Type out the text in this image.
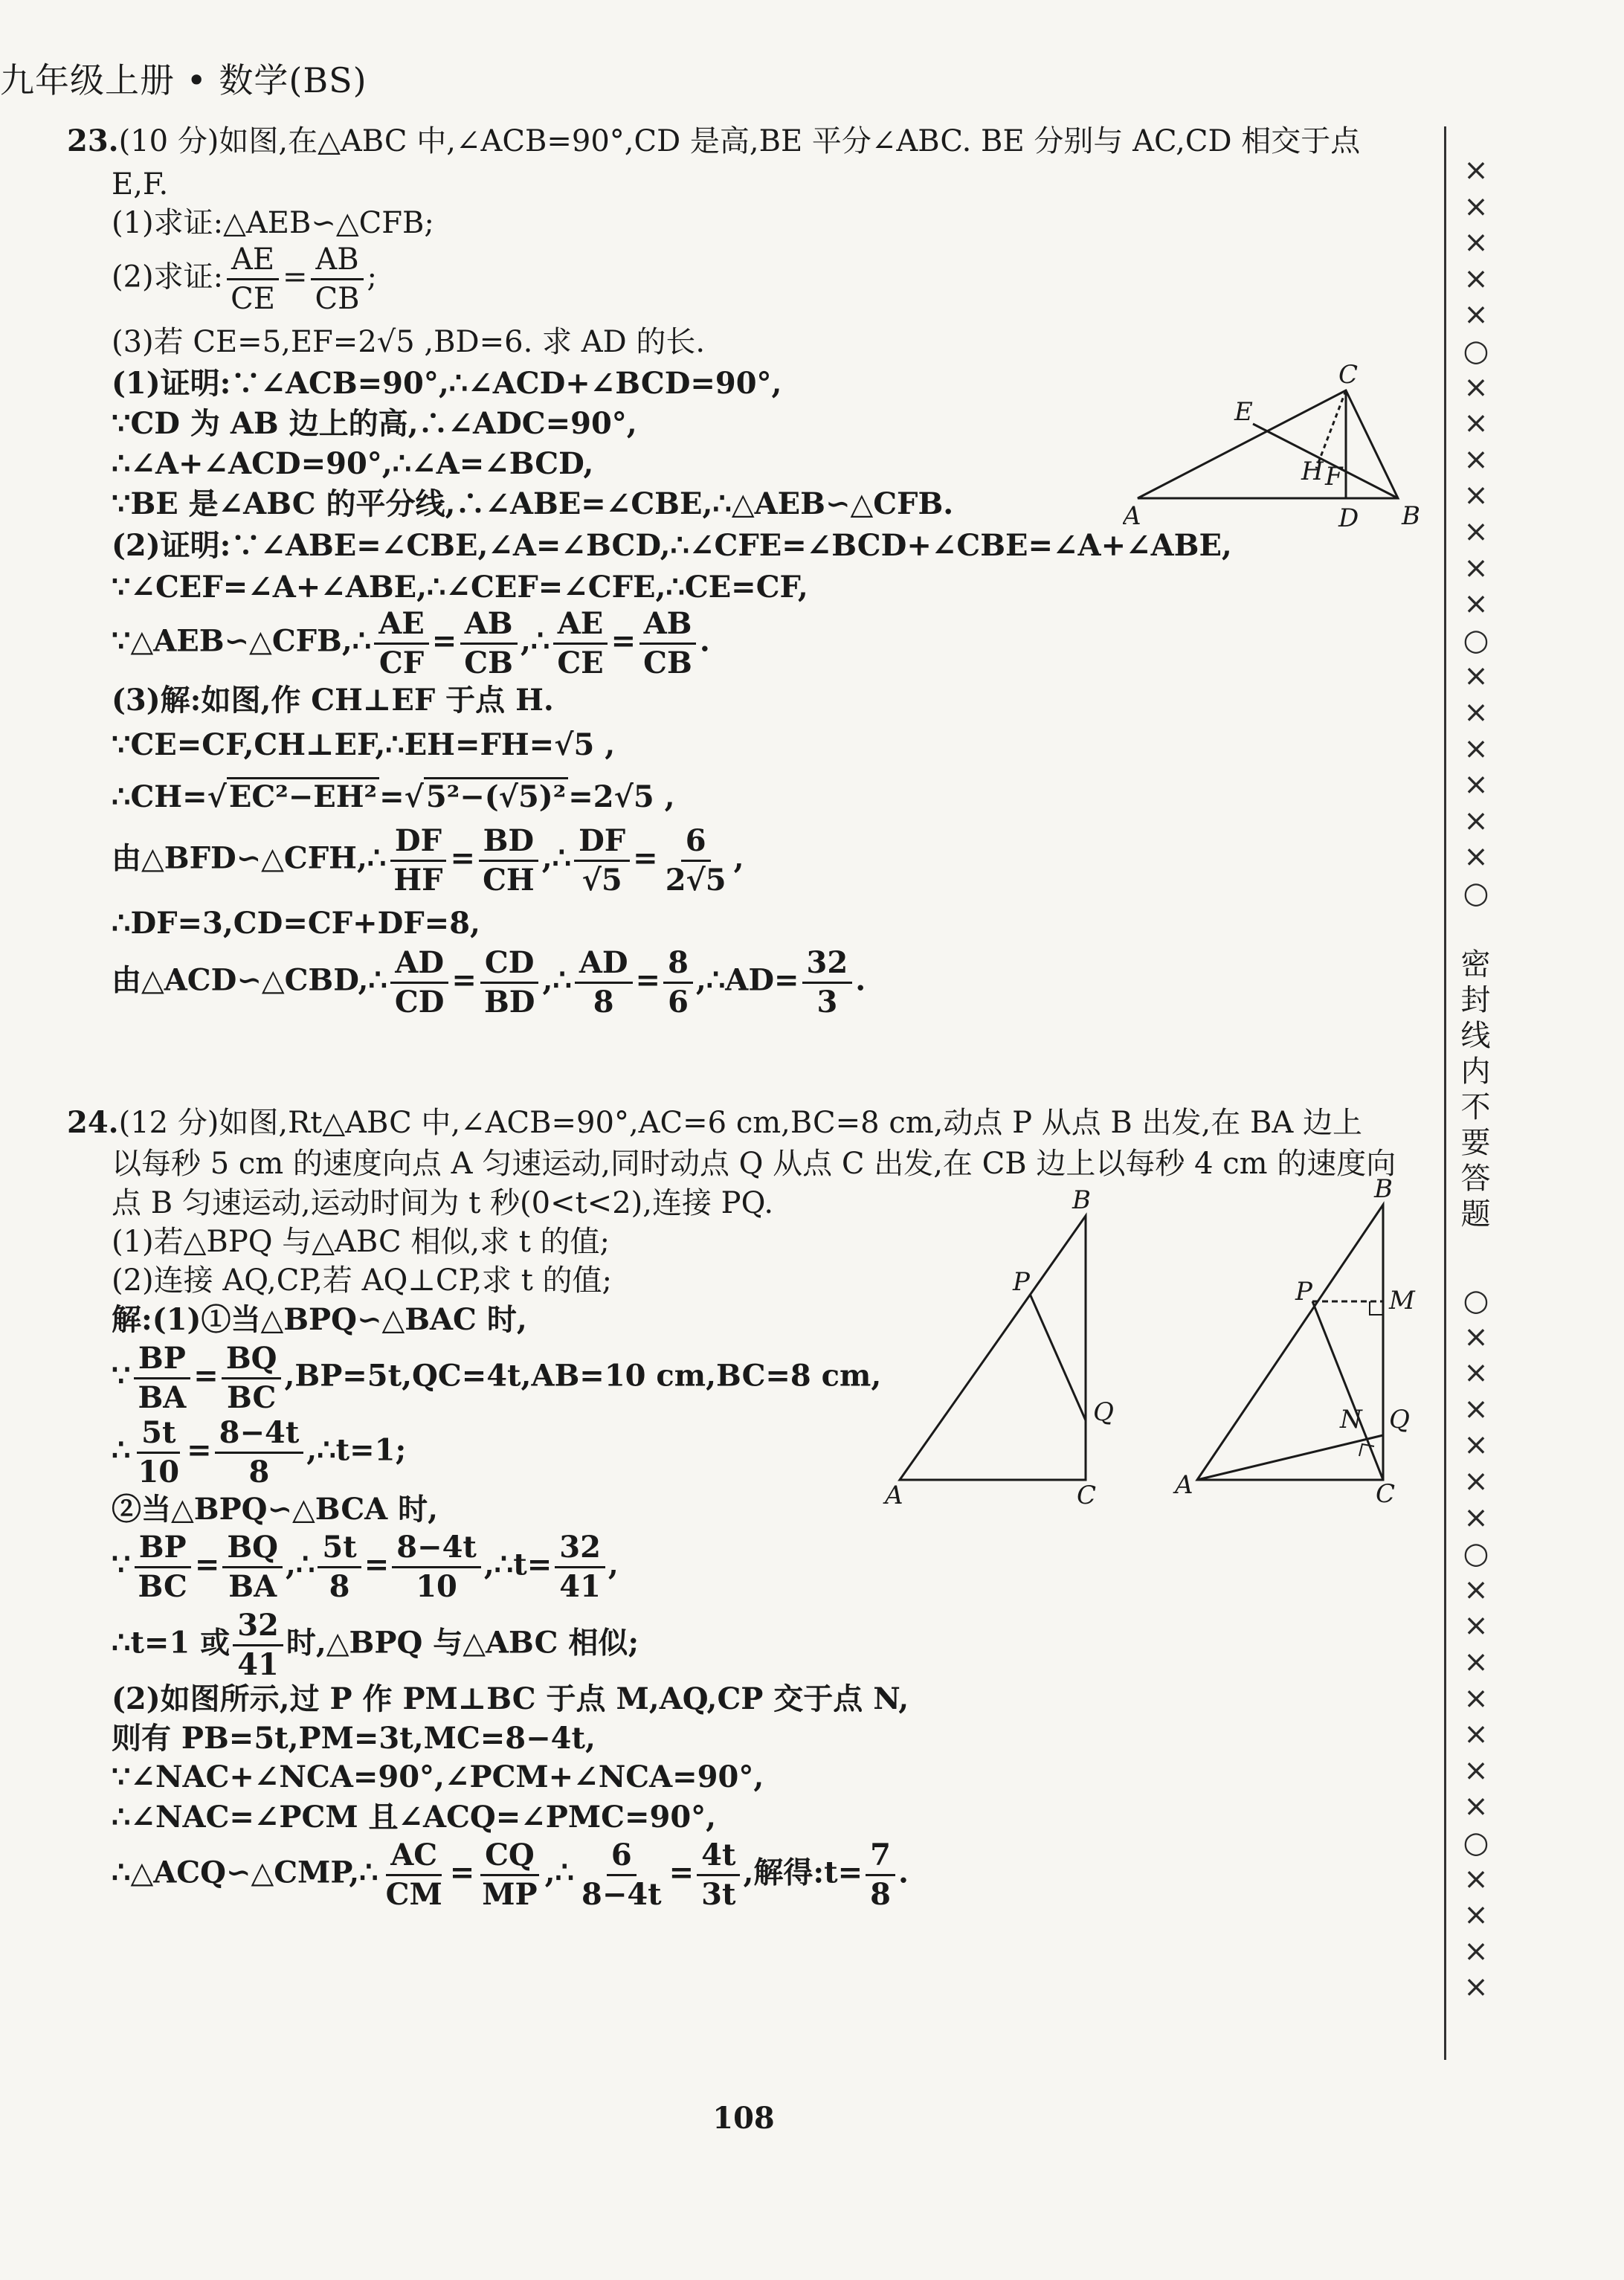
九年级上册 • 数学(BS)
23.(10 分)如图,在△ABC 中,∠ACB=90°,CD 是高,BE 平分∠ABC. BE 分别与 AC,CD 相交于点
E,F.
(1)求证:△AEB∽△CFB;
(2)求证: $\frac{AE}{CE} = \frac{AB}{CB}$ ;
(3)若 CE=5,EF=2√5 ,BD=6. 求 AD 的长.
(1)证明:∵∠ACB=90°,∴∠ACD+∠BCD=90°,
∵CD 为 AB 边上的高,∴∠ADC=90°,
∴∠A+∠ACD=90°,∴∠A=∠BCD,
∵BE 是∠ABC 的平分线,∴∠ABE=∠CBE,∴△AEB∽△CFB.
(2)证明:∵∠ABE=∠CBE,∠A=∠BCD,∴∠CFE=∠BCD+∠CBE=∠A+∠ABE,
∵∠CEF=∠A+∠ABE,∴∠CEF=∠CFE,∴CE=CF,
∵△AEB∽△CFB,∴ $\frac{AE}{CF} = \frac{AB}{CB}$ ,∴ $\frac{AE}{CE} = \frac{AB}{CB}$ .
(3)解:如图,作 CH⊥EF 于点 H.
∵CE=CF,CH⊥EF,∴EH=FH=√5 ,
∴CH=√EC²−EH²=√5²−(√5)²=2√5 ,
由△BFD∽△CFH,∴ $\frac{DF}{HF} = \frac{BD}{CH}$ ,∴ $\frac{DF}{√5} = \frac{6}{2√5}$ ,
∴DF=3,CD=CF+DF=8,
由△ACD∽△CBD,∴ $\frac{AD}{CD} = \frac{CD}{BD}$ ,∴ $\frac{AD}{8} = \frac{8}{6}$ ,∴AD= $\frac{32}{3}$ .
A	B
C
D
E
F
H
24.(12 分)如图,Rt△ABC 中,∠ACB=90°,AC=6 cm,BC=8 cm,动点 P 从点 B 出发,在 BA 边上
以每秒 5 cm 的速度向点 A 匀速运动,同时动点 Q 从点 C 出发,在 CB 边上以每秒 4 cm 的速度向
点 B 匀速运动,运动时间为 t 秒(0<t<2),连接 PQ.
(1)若△BPQ 与△ABC 相似,求 t 的值;
(2)连接 AQ,CP,若 AQ⊥CP,求 t 的值;
解:(1)①当△BPQ∽△BAC 时,
∵ $\frac{BP}{BA} = \frac{BQ}{BC} ,BP=5t,QC=4t,AB=10$ cm,BC=8 cm,
∴ $\frac{5t}{10} = \frac{8-4t}{8}$ ,∴t=1;
②当△BPQ∽△BCA 时,
∵ $\frac{BP}{BC} = \frac{BQ}{BA}$ ,∴ $\frac{5t}{8} = \frac{8-4t}{10}$ ,∴t= $\frac{32}{41}$ ,
∴t=1 或 $\frac{32}{41}$ 时,△BPQ 与△ABC 相似;
(2)如图所示,过 P 作 PM⊥BC 于点 M,AQ,CP 交于点 N,
则有 PB=5t,PM=3t,MC=8−4t,
∵∠NAC+∠NCA=90°,∠PCM+∠NCA=90°,
∴∠NAC=∠PCM 且∠ACQ=∠PMC=90°,
∴△ACQ∽△CMP,∴ $\frac{AC}{CM} = \frac{CQ}{MP}$ ,∴ $\frac{6}{8-4t} = \frac{4t}{3t}$ ,解得:t= $\frac{7}{8}$ .
B
P
Q
A	C
B
P	M
N Q
A	C
×
×
×
×
×
○
×
×
×
×
×
×
×
○
×
×
×
×
×
×
○
密封线内不要答题
○
×
×
×
×
×
×
○
×
×
×
×
×
×
×
○
×
×
×
×
108
